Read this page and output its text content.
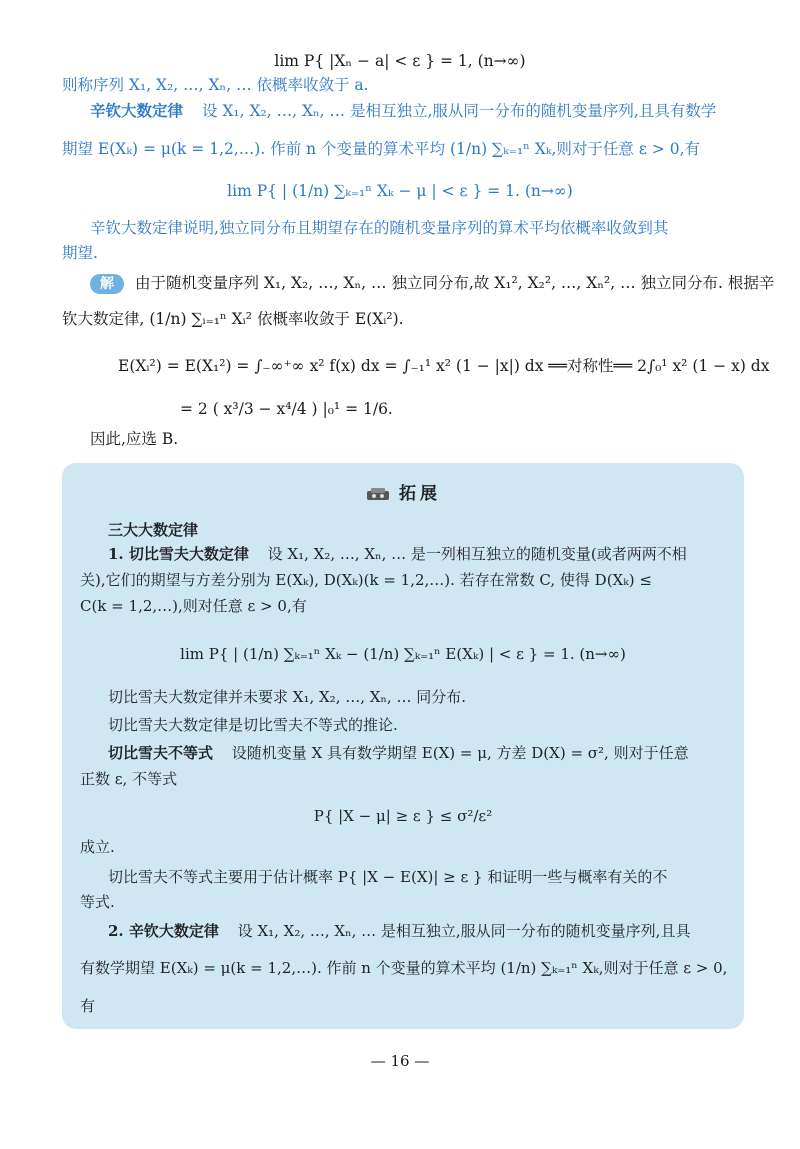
lim P{ |Xₙ − a| < ε } = 1, (n→∞)
则称序列 X₁, X₂, …, Xₙ, … 依概率收敛于 a.
辛钦大数定律 设 X₁, X₂, …, Xₙ, … 是相互独立,服从同一分布的随机变量序列,且具有数学
期望 E(Xₖ) = μ(k = 1,2,…). 作前 n 个变量的算术平均 (1/n) ∑ₖ₌₁ⁿ Xₖ,则对于任意 ε > 0,有
lim P{ | (1/n) ∑ₖ₌₁ⁿ Xₖ − μ | < ε } = 1. (n→∞)
辛钦大数定律说明,独立同分布且期望存在的随机变量序列的算术平均依概率收敛到其
期望.
解 由于随机变量序列 X₁, X₂, …, Xₙ, … 独立同分布,故 X₁², X₂², …, Xₙ², … 独立同分布. 根据辛
钦大数定律, (1/n) ∑ᵢ₌₁ⁿ Xᵢ² 依概率收敛于 E(Xᵢ²).
E(Xᵢ²) = E(X₁²) = ∫₋∞⁺∞ x² f(x) dx = ∫₋₁¹ x² (1 − |x|) dx ══对称性══ 2∫₀¹ x² (1 − x) dx
= 2 ( x³/3 − x⁴/4 ) |₀¹ = 1/6.
因此,应选 B.
拓展
三大大数定律
1. 切比雪夫大数定律 设 X₁, X₂, …, Xₙ, … 是一列相互独立的随机变量(或者两两不相
关),它们的期望与方差分别为 E(Xₖ), D(Xₖ)(k = 1,2,…). 若存在常数 C, 使得 D(Xₖ) ≤
C(k = 1,2,…),则对任意 ε > 0,有
lim P{ | (1/n) ∑ₖ₌₁ⁿ Xₖ − (1/n) ∑ₖ₌₁ⁿ E(Xₖ) | < ε } = 1. (n→∞)
切比雪夫大数定律并未要求 X₁, X₂, …, Xₙ, … 同分布.
切比雪夫大数定律是切比雪夫不等式的推论.
切比雪夫不等式 设随机变量 X 具有数学期望 E(X) = μ, 方差 D(X) = σ², 则对于任意
正数 ε, 不等式
P{ |X − μ| ≥ ε } ≤ σ²/ε²
成立.
切比雪夫不等式主要用于估计概率 P{ |X − E(X)| ≥ ε } 和证明一些与概率有关的不
等式.
2. 辛钦大数定律 设 X₁, X₂, …, Xₙ, … 是相互独立,服从同一分布的随机变量序列,且具
有数学期望 E(Xₖ) = μ(k = 1,2,…). 作前 n 个变量的算术平均 (1/n) ∑ₖ₌₁ⁿ Xₖ,则对于任意 ε > 0,
有
— 16 —
